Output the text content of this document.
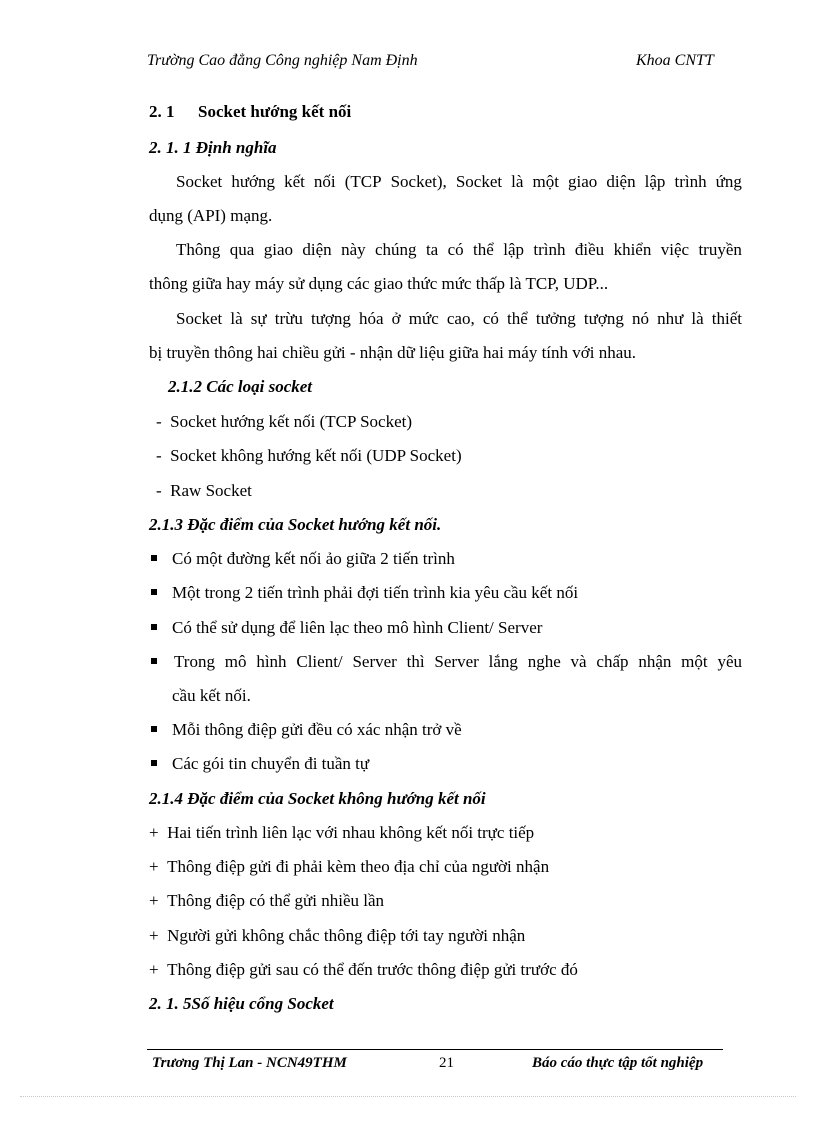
Trường Cao đẳng Công nghiệp Nam Định	Khoa CNTT
2. 1 Socket hướng kết nối
2. 1. 1 Định nghĩa
Socket hướng kết nối (TCP Socket), Socket là một giao diện lập trình ứng
dụng (API) mạng.
Thông qua giao diện này chúng ta có thể lập trình điều khiển việc truyền
thông giữa hay máy sử dụng các giao thức mức thấp là TCP, UDP...
Socket là sự trừu tượng hóa ở mức cao, có thể tưởng tượng nó như là thiết
bị truyền thông hai chiều gửi - nhận dữ liệu giữa hai máy tính với nhau.
2.1.2 Các loại socket
-  Socket hướng kết nối (TCP Socket)
-  Socket không hướng kết nối (UDP Socket)
-  Raw Socket
2.1.3 Đặc điểm của Socket hướng kết nối.
Có một đường kết nối ảo giữa 2 tiến trình
Một trong 2 tiến trình phải đợi tiến trình kia yêu cầu kết nối
Có thể sử dụng để liên lạc theo mô hình Client/ Server
Trong mô hình Client/ Server thì Server lắng nghe và chấp nhận một yêu
cầu kết nối.
Mỗi thông điệp gửi đều có xác nhận trở về
Các gói tin chuyển đi tuần tự
2.1.4 Đặc điểm của Socket không hướng kết nối
+  Hai tiến trình liên lạc với nhau không kết nối trực tiếp
+  Thông điệp gửi đi phải kèm theo địa chỉ của người nhận
+  Thông điệp có thể gửi nhiều lần
+  Người gửi không chắc thông điệp tới tay người nhận
+  Thông điệp gửi sau có thể đến trước thông điệp gửi trước đó
2. 1. 5Số hiệu cổng Socket
Trương Thị Lan - NCN49THM	21	Báo cáo thực tập tốt nghiệp
